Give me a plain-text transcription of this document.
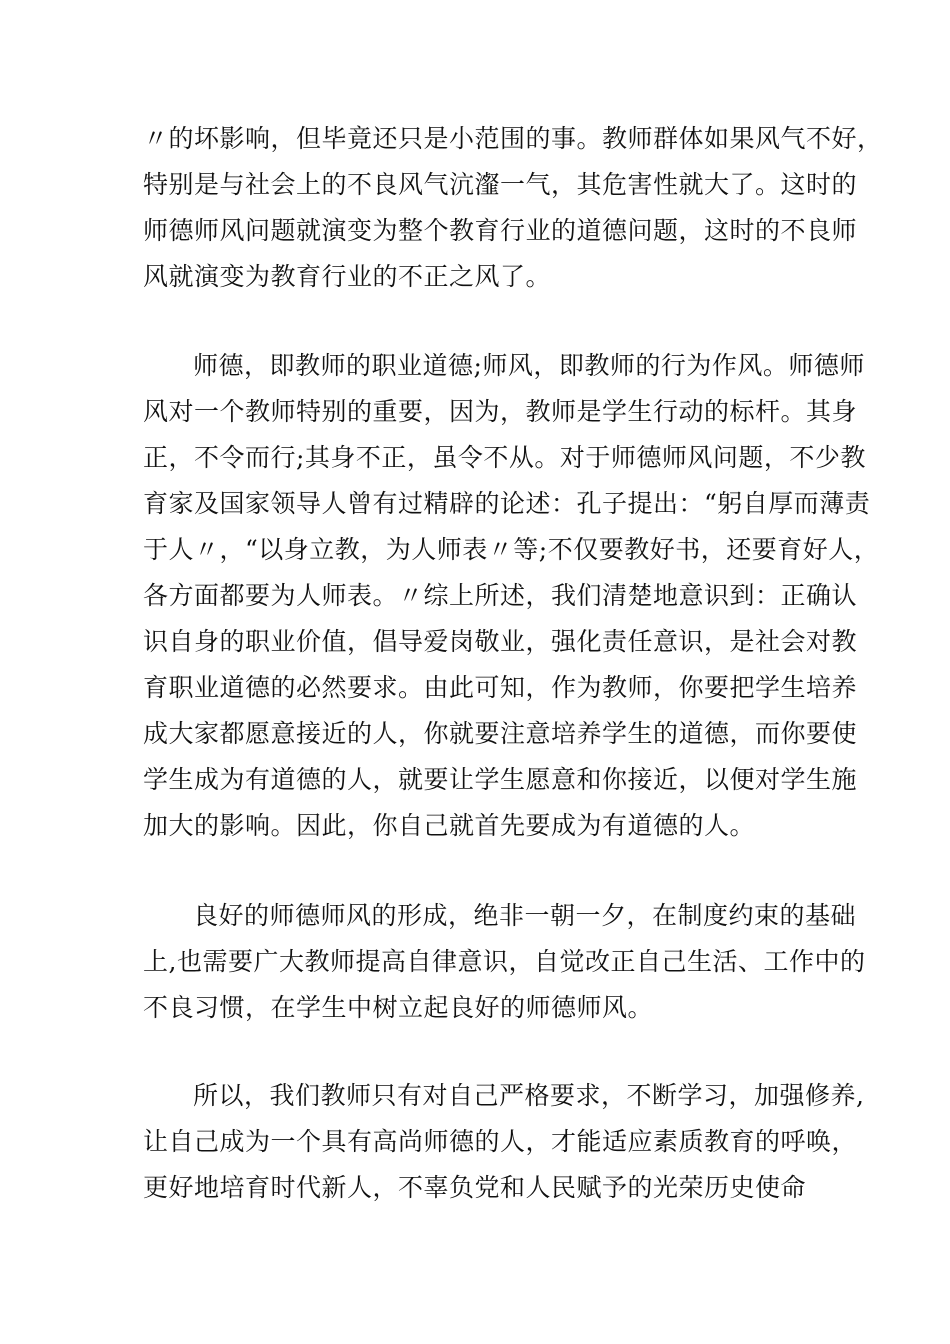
〃的坏影响，但毕竟还只是小范围的事。教师群体如果风气不好，
特别是与社会上的不良风气沆瀣一气，其危害性就大了。这时的
师德师风问题就演变为整个教育行业的道德问题，这时的不良师
风就演变为教育行业的不正之风了。
师德，即教师的职业道德;师风，即教师的行为作风。师德师
风对一个教师特别的重要，因为，教师是学生行动的标杆。其身
正，不令而行;其身不正，虽令不从。对于师德师风问题，不少教
育家及国家领导人曾有过精辟的论述：孔子提出：“躬自厚而薄责
于人〃，“以身立教，为人师表〃等;不仅要教好书，还要育好人，
各方面都要为人师表。〃综上所述，我们清楚地意识到：正确认
识自身的职业价值，倡导爱岗敬业，强化责任意识，是社会对教
育职业道德的必然要求。由此可知，作为教师，你要把学生培养
成大家都愿意接近的人，你就要注意培养学生的道德，而你要使
学生成为有道德的人，就要让学生愿意和你接近，以便对学生施
加大的影响。因此，你自己就首先要成为有道德的人。
良好的师德师风的形成，绝非一朝一夕，在制度约束的基础
上,也需要广大教师提高自律意识，自觉改正自己生活、工作中的
不良习惯，在学生中树立起良好的师德师风。
所以，我们教师只有对自己严格要求，不断学习，加强修养,
让自己成为一个具有高尚师德的人，才能适应素质教育的呼唤，
更好地培育时代新人，不辜负党和人民赋予的光荣历史使命
